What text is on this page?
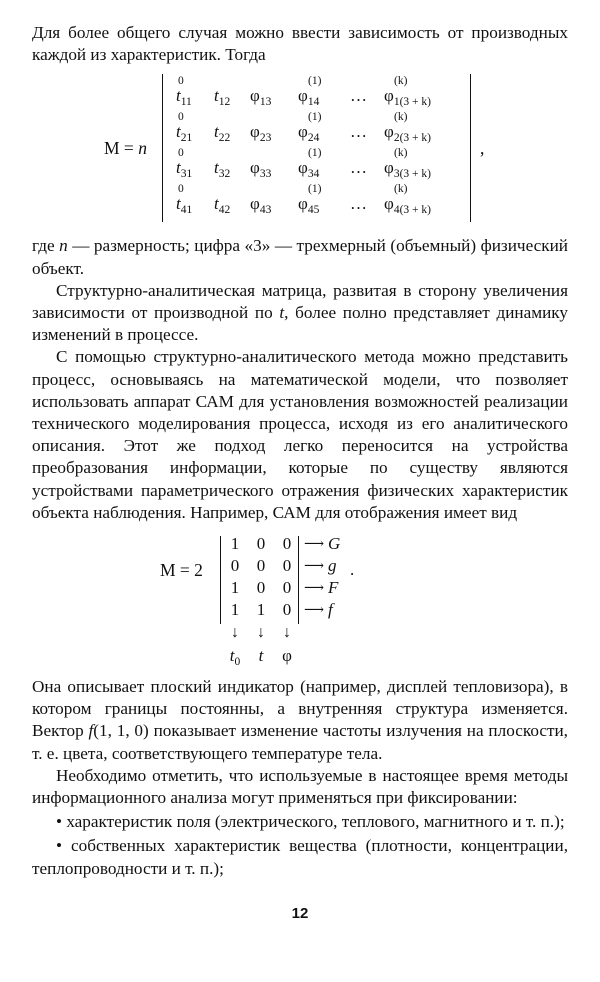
Для более общего случая можно ввести зависимость от производных каждой из характеристик. Тогда

M = n
t
0
$_{11}$ $t_{12}$ $\varphi_{13}$ φ
(1)
$_{14}$ … φ
(k)
$_{1(3 + k)}$
t
0
$_{21}$ $t_{22}$ $\varphi_{23}$ φ
(1)
$_{24}$ … φ
(k)
$_{2(3 + k)}$
t
0
$_{31}$ $t_{32}$ $\varphi_{33}$ φ
(1)
$_{34}$ … φ
(k)
$_{3(3 + k)}$
t
0
$_{41}$ $t_{42}$ $\varphi_{43}$ φ
(1)
$_{45}$ … φ
(k)
$_{4(3 + k)}$
,

где n — размерность; цифра «3» — трехмерный (объемный) физический объект.

Структурно-аналитическая матрица, развитая в сторону увеличения зависимости от производной по t, более полно представляет динамику изменений в процессе.

С помощью структурно-аналитического метода можно представить процесс, основываясь на математической модели, что позволяет использовать аппарат САМ для установления возможностей реализации технического моделирования процесса, исходя из его аналитического описания. Этот же подход легко переносится на устройства преобразования информации, которые по существу являются устройствами параметрического отражения физических характеристик объекта наблюдения. Например, САМ для отображения имеет вид

M = 2
1 0 0 ⟶ G
0 0 0 ⟶ g
1 0 0 ⟶ F
1 1 0 ⟶ f
↓ ↓ ↓
$t_0$	t	φ
.

Она описывает плоский индикатор (например, дисплей тепловизора), в котором границы постоянны, а внутренняя структура изменяется. Вектор f(1, 1, 0) показывает изменение частоты излучения на плоскости, т. е. цвета, соответствующего температуре тела.

Необходимо отметить, что используемые в настоящее время методы информационного анализа могут применяться при фиксировании:

• характеристик поля (электрического, теплового, магнитного и т. п.);

• собственных характеристик вещества (плотности, концентрации, теплопроводности и т. п.);

12
